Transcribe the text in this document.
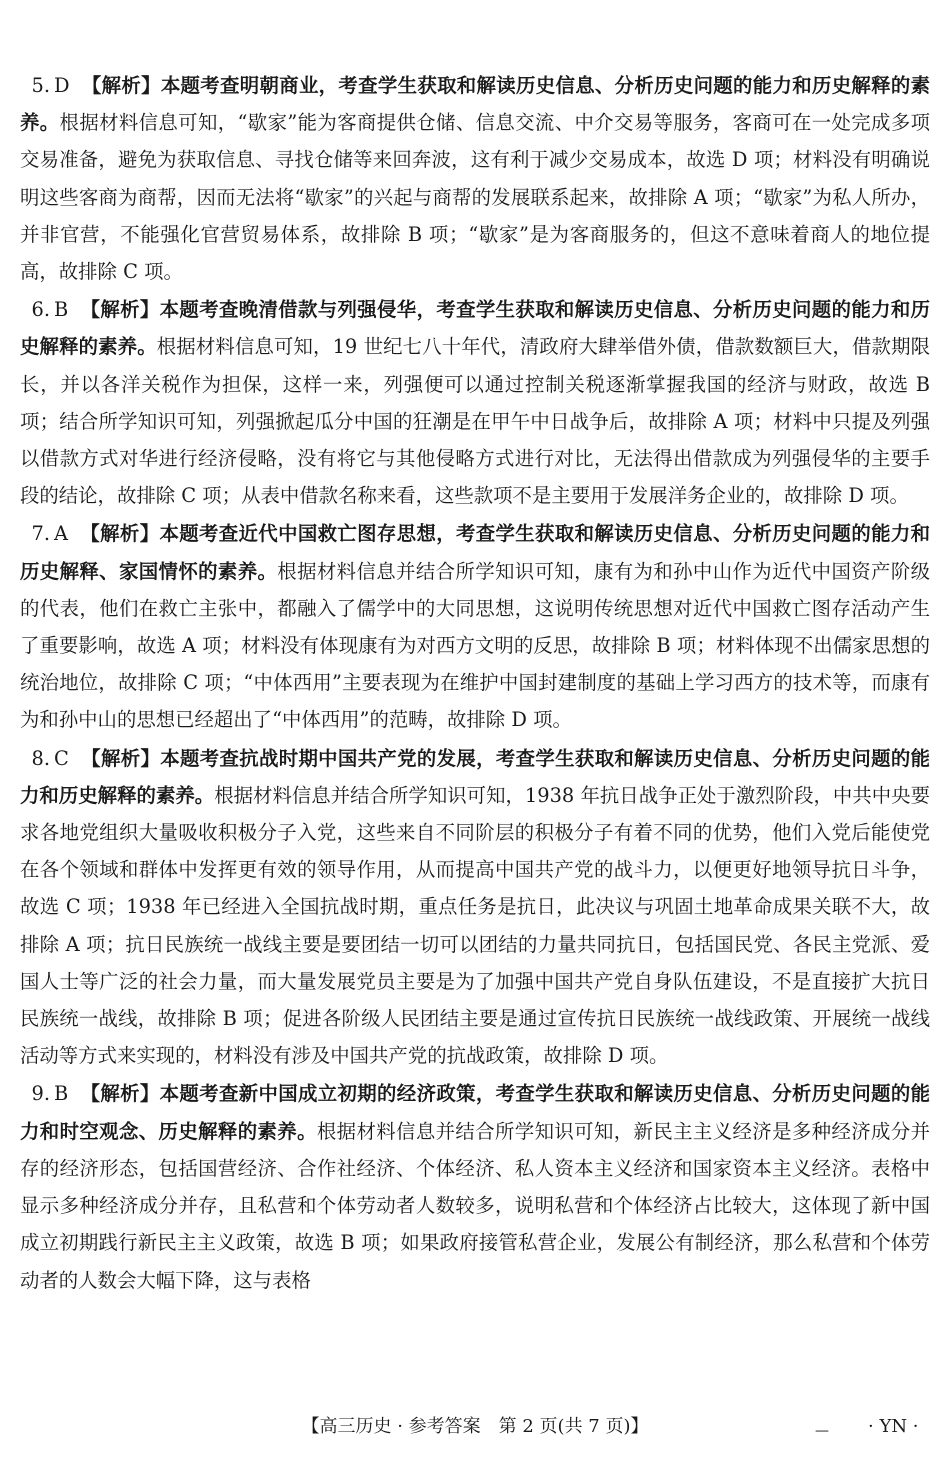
5. D 【解析】本题考查明朝商业，考查学生获取和解读历史信息、分析历史问题的能力和历史解释的素养。根据材料信息可知，“歇家”能为客商提供仓储、信息交流、中介交易等服务，客商可在一处完成多项交易准备，避免为获取信息、寻找仓储等来回奔波，这有利于减少交易成本，故选 D 项；材料没有明确说明这些客商为商帮，因而无法将“歇家”的兴起与商帮的发展联系起来，故排除 A 项；“歇家”为私人所办，并非官营，不能强化官营贸易体系，故排除 B 项；“歇家”是为客商服务的，但这不意味着商人的地位提高，故排除 C 项。

6. B 【解析】本题考查晚清借款与列强侵华，考查学生获取和解读历史信息、分析历史问题的能力和历史解释的素养。根据材料信息可知，19 世纪七八十年代，清政府大肆举借外债，借款数额巨大，借款期限长，并以各洋关税作为担保，这样一来，列强便可以通过控制关税逐渐掌握我国的经济与财政，故选 B 项；结合所学知识可知，列强掀起瓜分中国的狂潮是在甲午中日战争后，故排除 A 项；材料中只提及列强以借款方式对华进行经济侵略，没有将它与其他侵略方式进行对比，无法得出借款成为列强侵华的主要手段的结论，故排除 C 项；从表中借款名称来看，这些款项不是主要用于发展洋务企业的，故排除 D 项。

7. A 【解析】本题考查近代中国救亡图存思想，考查学生获取和解读历史信息、分析历史问题的能力和历史解释、家国情怀的素养。根据材料信息并结合所学知识可知，康有为和孙中山作为近代中国资产阶级的代表，他们在救亡主张中，都融入了儒学中的大同思想，这说明传统思想对近代中国救亡图存活动产生了重要影响，故选 A 项；材料没有体现康有为对西方文明的反思，故排除 B 项；材料体现不出儒家思想的统治地位，故排除 C 项；“中体西用”主要表现为在维护中国封建制度的基础上学习西方的技术等，而康有为和孙中山的思想已经超出了“中体西用”的范畴，故排除 D 项。

8. C 【解析】本题考查抗战时期中国共产党的发展，考查学生获取和解读历史信息、分析历史问题的能力和历史解释的素养。根据材料信息并结合所学知识可知，1938 年抗日战争正处于激烈阶段，中共中央要求各地党组织大量吸收积极分子入党，这些来自不同阶层的积极分子有着不同的优势，他们入党后能使党在各个领域和群体中发挥更有效的领导作用，从而提高中国共产党的战斗力，以便更好地领导抗日斗争，故选 C 项；1938 年已经进入全国抗战时期，重点任务是抗日，此决议与巩固土地革命成果关联不大，故排除 A 项；抗日民族统一战线主要是要团结一切可以团结的力量共同抗日，包括国民党、各民主党派、爱国人士等广泛的社会力量，而大量发展党员主要是为了加强中国共产党自身队伍建设，不是直接扩大抗日民族统一战线，故排除 B 项；促进各阶级人民团结主要是通过宣传抗日民族统一战线政策、开展统一战线活动等方式来实现的，材料没有涉及中国共产党的抗战政策，故排除 D 项。

9. B 【解析】本题考查新中国成立初期的经济政策，考查学生获取和解读历史信息、分析历史问题的能力和时空观念、历史解释的素养。根据材料信息并结合所学知识可知，新民主主义经济是多种经济成分并存的经济形态，包括国营经济、合作社经济、个体经济、私人资本主义经济和国家资本主义经济。表格中显示多种经济成分并存，且私营和个体劳动者人数较多，说明私营和个体经济占比较大，这体现了新中国成立初期践行新民主主义政策，故选 B 项；如果政府接管私营企业，发展公有制经济，那么私营和个体劳动者的人数会大幅下降，这与表格

【高三历史 · 参考答案　第 2 页(共 7 页)】	— · YN ·
